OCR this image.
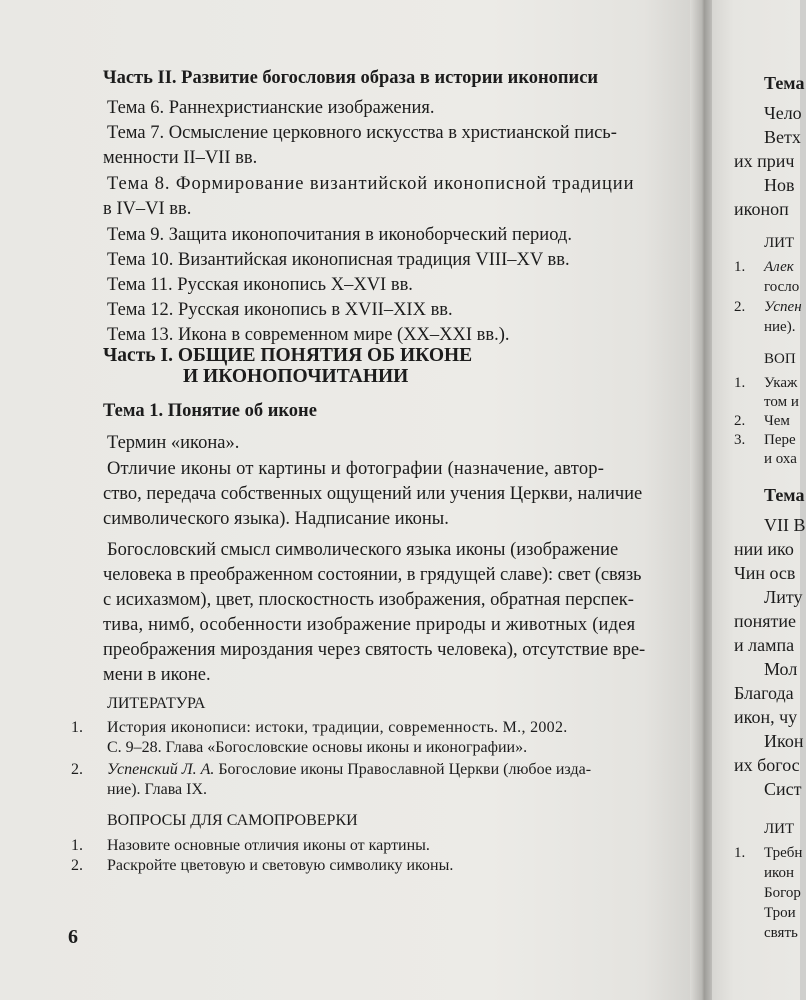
Часть II. Развитие богословия образа в истории иконописи
Тема 6. Раннехристианские изображения.
Тема 7. Осмысление церковного искусства в христианской пись-
менности II–VII вв.
Тема 8. Формирование византийской иконописной традиции
в IV–VI вв.
Тема 9. Защита иконопочитания в иконоборческий период.
Тема 10. Византийская иконописная традиция VIII–XV вв.
Тема 11. Русская иконопись X–XVI вв.
Тема 12. Русская иконопись в XVII–XIX вв.
Тема 13. Икона в современном мире (XX–XXI вв.).
Часть I. ОБЩИЕ ПОНЯТИЯ ОБ ИКОНЕ
И ИКОНОПОЧИТАНИИ
Тема 1. Понятие об иконе
Термин «икона».
Отличие иконы от картины и фотографии (назначение, автор-
ство, передача собственных ощущений или учения Церкви, наличие
символического языка). Надписание иконы.
Богословский смысл символического языка иконы (изображение
человека в преображенном состоянии, в грядущей славе): свет (связь
с исихазмом), цвет, плоскостность изображения, обратная перспек-
тива, нимб, особенности изображение природы и животных (идея
преображения мироздания через святость человека), отсутствие вре-
мени в иконе.
ЛИТЕРАТУРА
1. История иконописи: истоки, традиции, современность. М., 2002.
С. 9–28. Глава «Богословские основы иконы и иконографии».
2. Успенский Л. А. Богословие иконы Православной Церкви (любое изда-
ние). Глава IX.
ВОПРОСЫ ДЛЯ САМОПРОВЕРКИ
1. Назовите основные отличия иконы от картины.
2. Раскройте цветовую и световую символику иконы.
6
Тема
Чело
Ветх
их прич
Нов
иконоп
ЛИТ
1. Алек
госло
2. Успен
ние).
ВОП
1. Укаж
том и
2. Чем
3. Пере
и оха
Тема
VII В
нии ико
Чин осв
Литу
понятие
и лампа
Мол
Благода
икон, чу
Икон
их богос
Сист
ЛИТ
1. Требн
икон
Богор
Трои
свять
